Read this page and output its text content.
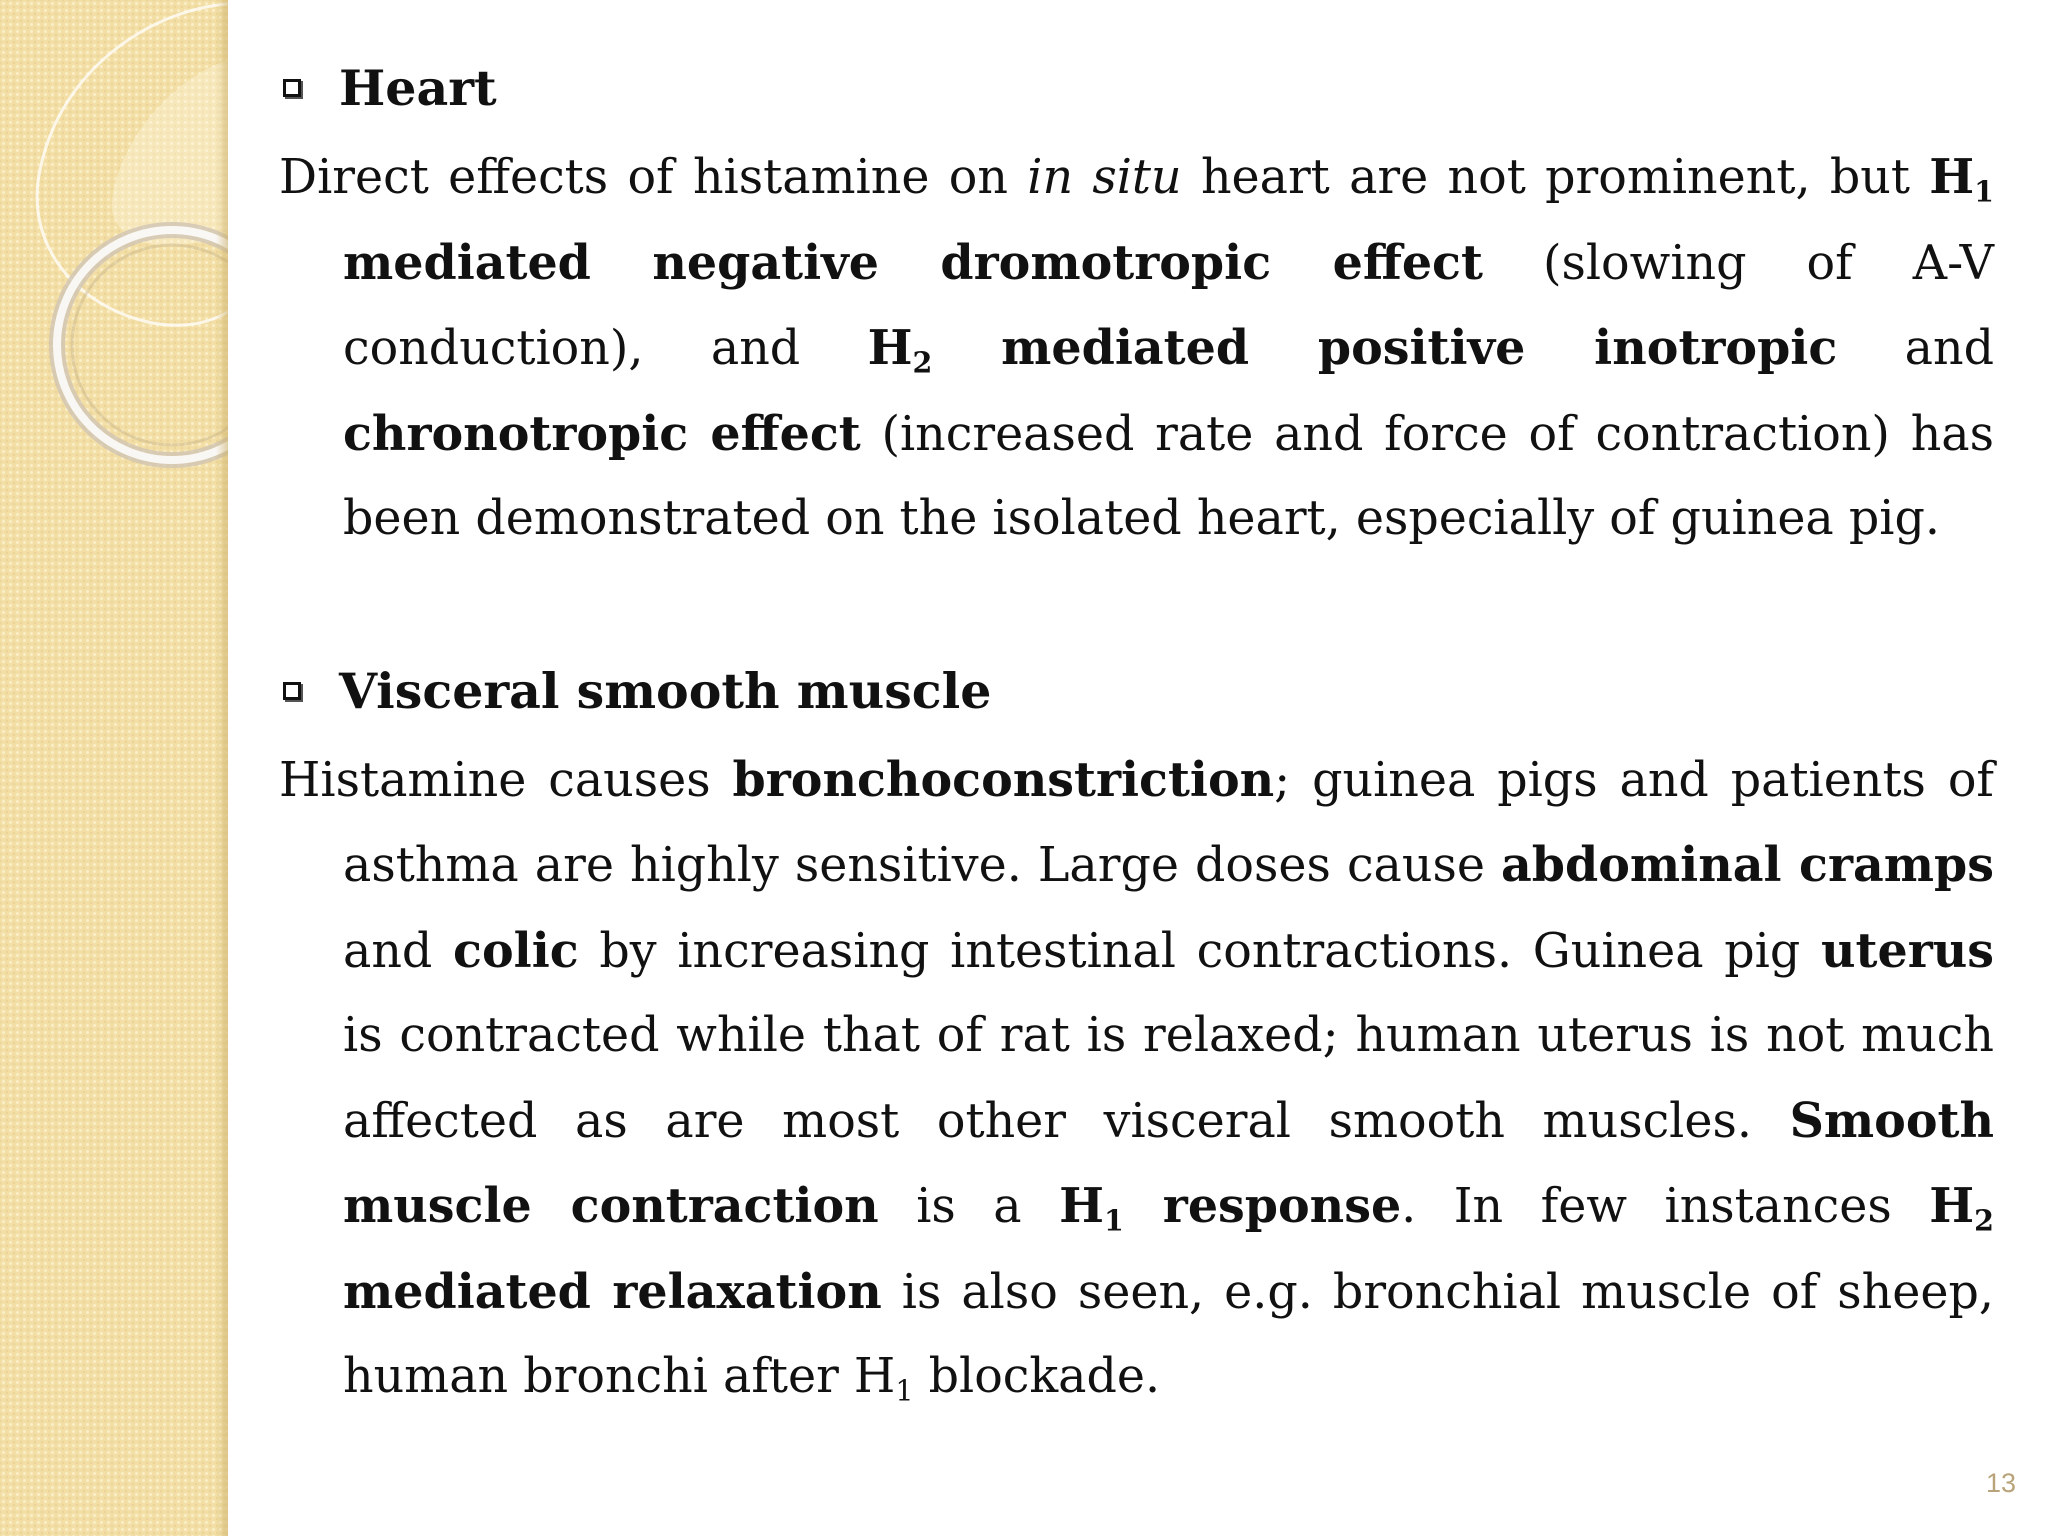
Heart

Direct effects of histamine on in situ heart are not prominent, but $H_1$ mediated negative dromotropic effect (slowing of A-V conduction), and $H_2$ mediated positive inotropic and chronotropic effect (increased rate and force of contraction) has been demonstrated on the isolated heart, especially of guinea pig.

Visceral smooth muscle

Histamine causes bronchoconstriction; guinea pigs and patients of asthma are highly sensitive. Large doses cause abdominal cramps and colic by increasing intestinal contractions. Guinea pig uterus is contracted while that of rat is relaxed; human uterus is not much affected as are most other visceral smooth muscles. Smooth muscle contraction is a $H_1$ response. In few instances $H_2$ mediated relaxation is also seen, e.g. bronchial muscle of sheep, human bronchi after $H_1$ blockade.

13
